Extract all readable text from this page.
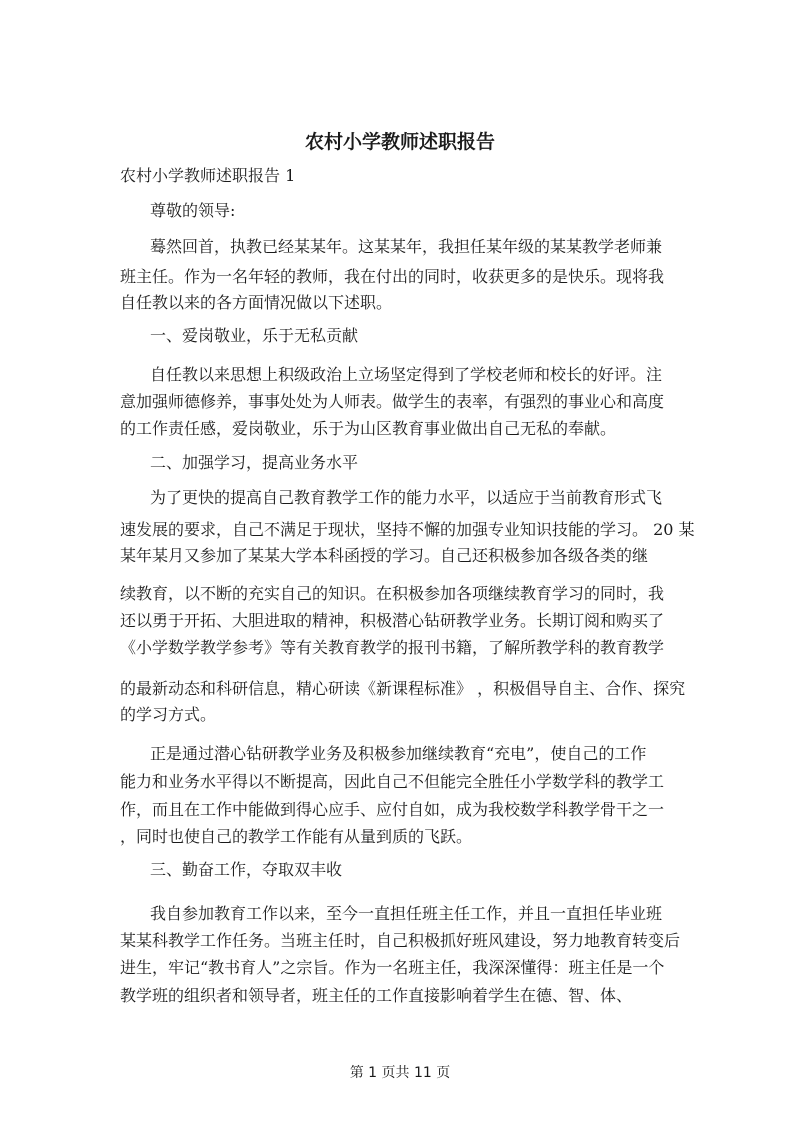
农村小学教师述职报告

农村小学教师述职报告 1

尊敬的领导:

蓦然回首，执教已经某某年。这某某年，我担任某年级的某某教学老师兼

班主任。作为一名年轻的教师，我在付出的同时，收获更多的是快乐。现将我

自任教以来的各方面情况做以下述职。

一、爱岗敬业，乐于无私贡献

自任教以来思想上积级政治上立场坚定得到了学校老师和校长的好评。注

意加强师德修养，事事处处为人师表。做学生的表率，有强烈的事业心和高度

的工作责任感，爱岗敬业，乐于为山区教育事业做出自己无私的奉献。

二、加强学习，提高业务水平

为了更快的提高自己教育教学工作的能力水平，以适应于当前教育形式飞

速发展的要求，自己不满足于现状，坚持不懈的加强专业知识技能的学习。 20 某

某年某月又参加了某某大学本科函授的学习。自己还积极参加各级各类的继

续教育，以不断的充实自己的知识。在积极参加各项继续教育学习的同时，我

还以勇于开拓、大胆进取的精神，积极潜心钻研教学业务。长期订阅和购买了

《小学数学教学参考》等有关教育教学的报刊书籍，了解所教学科的教育教学

的最新动态和科研信息，精心研读《新课程标准》 ，积极倡导自主、合作、探究

的学习方式。

正是通过潜心钻研教学业务及积极参加继续教育“充电”，使自己的工作

能力和业务水平得以不断提高，因此自己不但能完全胜任小学数学科的教学工

作，而且在工作中能做到得心应手、应付自如，成为我校数学科教学骨干之一

，同时也使自己的教学工作能有从量到质的飞跃。

三、勤奋工作，夺取双丰收

我自参加教育工作以来，至今一直担任班主任工作，并且一直担任毕业班

某某科教学工作任务。当班主任时，自己积极抓好班风建设，努力地教育转变后

进生，牢记“教书育人”之宗旨。作为一名班主任，我深深懂得：班主任是一个

教学班的组织者和领导者，班主任的工作直接影响着学生在德、智、体、

第 1 页共 11 页
